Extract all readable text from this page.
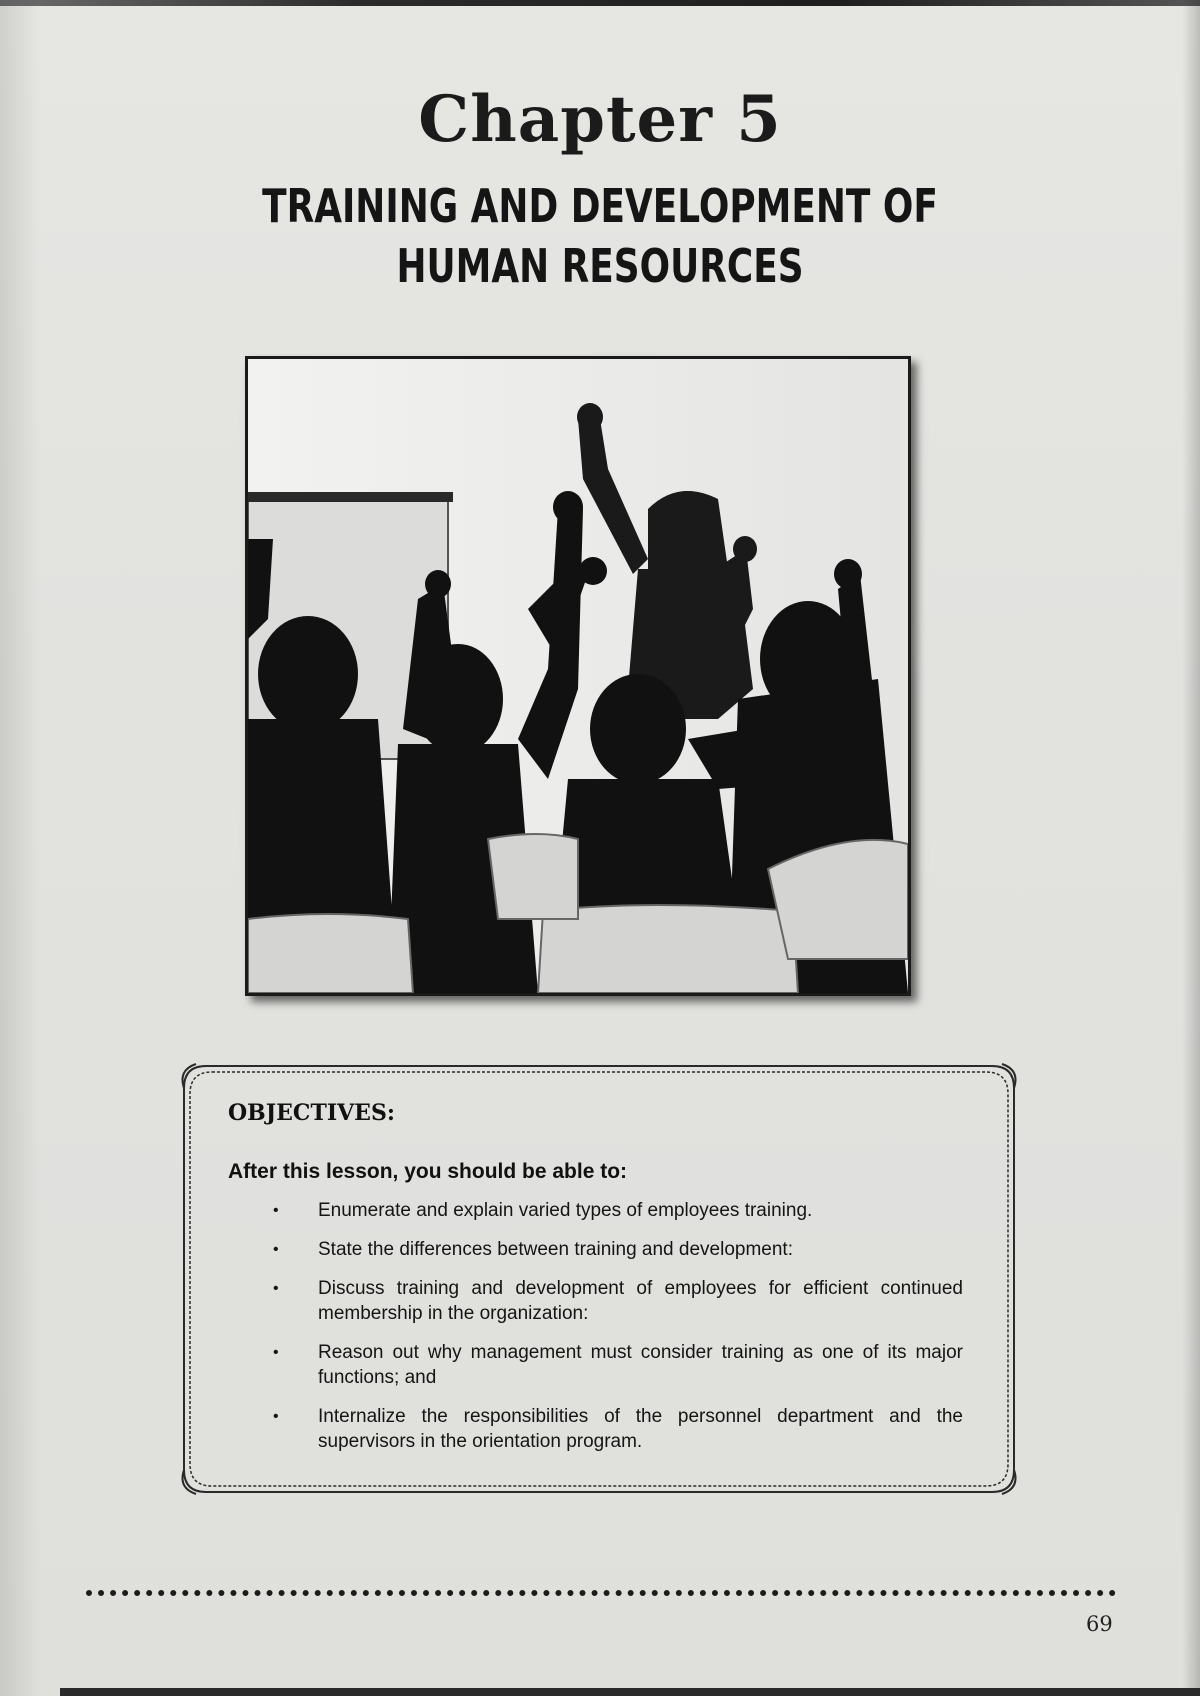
Chapter 5
TRAINING AND DEVELOPMENT OF
HUMAN RESOURCES
OBJECTIVES:
After this lesson, you should be able to:
• Enumerate and explain varied types of employees training.
• State the differences between training and development:
• Discuss training and development of employees for efficient continued membership in the organization:
• Reason out why management must consider training as one of its major functions; and
• Internalize the responsibilities of the personnel department and the supervisors in the orientation program.
69
